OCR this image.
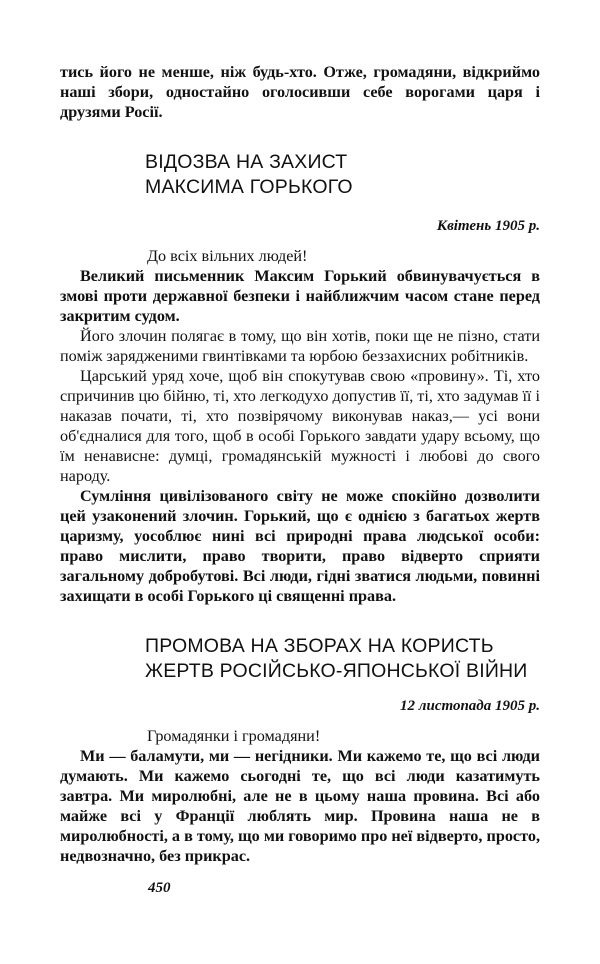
тись його не менше, ніж будь-хто. Отже, громадяни, відкриймо наші збори, одностайно оголосивши себе ворогами царя і друзями Росії.

ВІДОЗВА НА ЗАХИСТ
МАКСИМА ГОРЬКОГО

Квітень 1905 р.

До всіх вільних людей!

Великий письменник Максим Горький обвинувачується в змові проти державної безпеки і найближчим часом стане перед закритим судом.

Його злочин полягає в тому, що він хотів, поки ще не пізно, стати поміж зарядженими гвинтівками та юрбою беззахисних робітників.

Царський уряд хоче, щоб він спокутував свою «провину». Ті, хто спричинив цю бійню, ті, хто легкодухо допустив її, ті, хто задумав її і наказав почати, ті, хто позвірячому виконував наказ,— усі вони об'єдналися для того, щоб в особі Горького завдати удару всьому, що їм ненависне: думці, громадянській мужності і любові до свого народу.

Сумління цивілізованого світу не може спокійно дозволити цей узаконений злочин. Горький, що є однією з багатьох жертв царизму, уособлює нині всі природні права людської особи: право мислити, право творити, право відверто сприяти загальному добробутові. Всі люди, гідні зватися людьми, повинні захищати в особі Горького ці священні права.

ПРОМОВА НА ЗБОРАХ НА КОРИСТЬ
ЖЕРТВ РОСІЙСЬКО-ЯПОНСЬКОЇ ВІЙНИ

12 листопада 1905 р.

Громадянки і громадяни!

Ми — баламути, ми — негідники. Ми кажемо те, що всі люди думають. Ми кажемо сьогодні те, що всі люди казатимуть завтра. Ми миролюбні, але не в цьому наша провина. Всі або майже всі у Франції люблять мир. Провина наша не в миролюбності, а в тому, що ми говоримо про неї відверто, просто, недвозначно, без прикрас.

450
